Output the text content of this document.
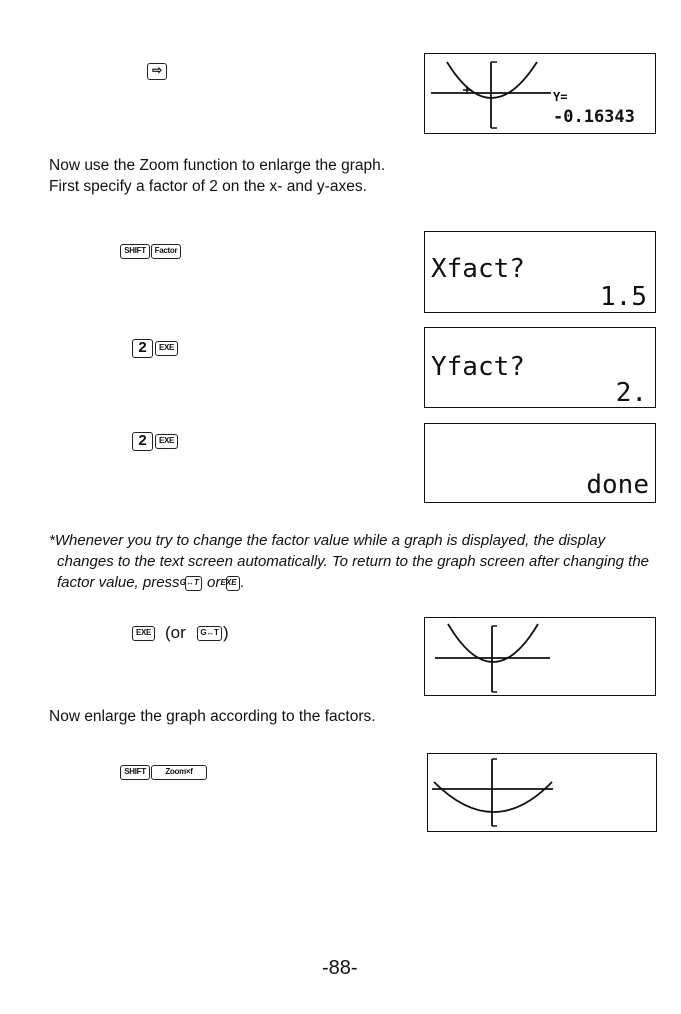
⇨
Y=
-0.16343

Now use the Zoom function to enlarge the graph. First specify a factor of 2 on the x- and y-axes.

SHIFT	Factor
Xfact?
1.5
2	EXE
Yfact?
2.
2	EXE
done

*Whenever you try to change the factor value while a graph is displayed, the display changes to the text screen automatically. To return to the graph screen after changing the factor value, press G↔T or EXE .

EXE (or	G↔T )

Now enlarge the graph according to the factors.

SHIFT	Zoom×f
-88-
